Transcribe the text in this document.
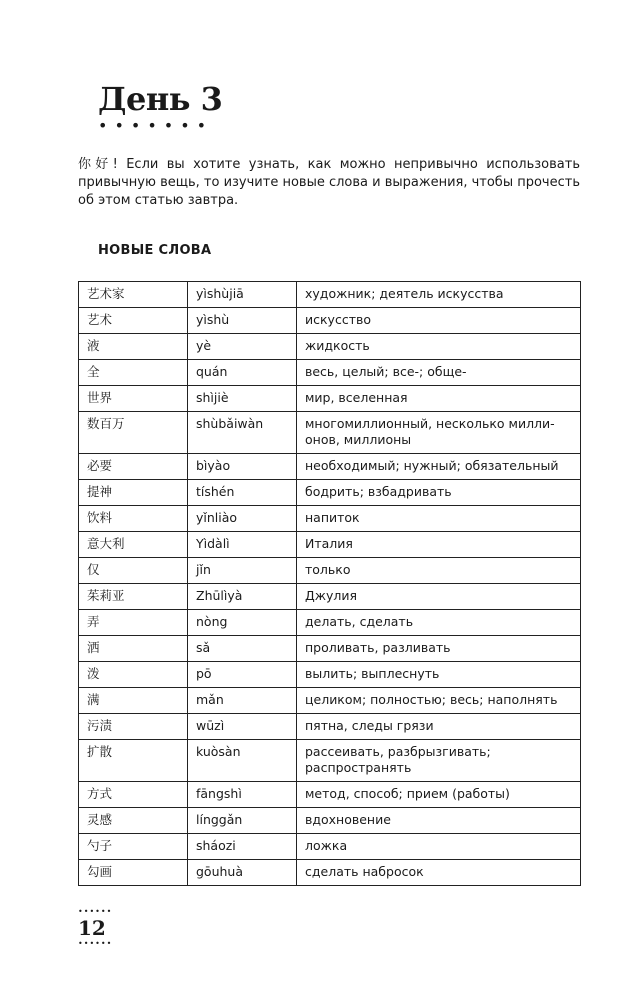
День 3
•••••••

你好! Если вы хотите узнать, как можно непривычно использовать привычную вещь, то изучите новые слова и выражения, чтобы прочесть об этом статью завтра.

НОВЫЕ СЛОВА
艺术家	yìshùjiā	художник; деятель искусства
艺术	yìshù	искусство
液	yè	жидкость
全	quán	весь, целый; все-; обще-
世界	shìjiè	мир, вселенная
数百万	shùbǎiwàn	многомиллионный, несколько милли-онов, миллионы
必要	bìyào	необходимый; нужный; обязательный
提神	tíshén	бодрить; взбадривать
饮料	yǐnliào	напиток
意大利	Yìdàlì	Италия
仅	jǐn	только
茱莉亚	Zhūlìyà	Джулия
弄	nòng	делать, сделать
洒	sǎ	проливать, разливать
泼	pō	вылить; выплеснуть
满	mǎn	целиком; полностью; весь; наполнять
污渍	wūzì	пятна, следы грязи
扩散	kuòsàn	рассеивать, разбрызгивать; распространять
方式	fāngshì	метод, способ; прием (работы)
灵感	línggǎn	вдохновение
勺子	sháozi	ложка
勾画	gōuhuà	сделать набросок
••••••
12
••••••
